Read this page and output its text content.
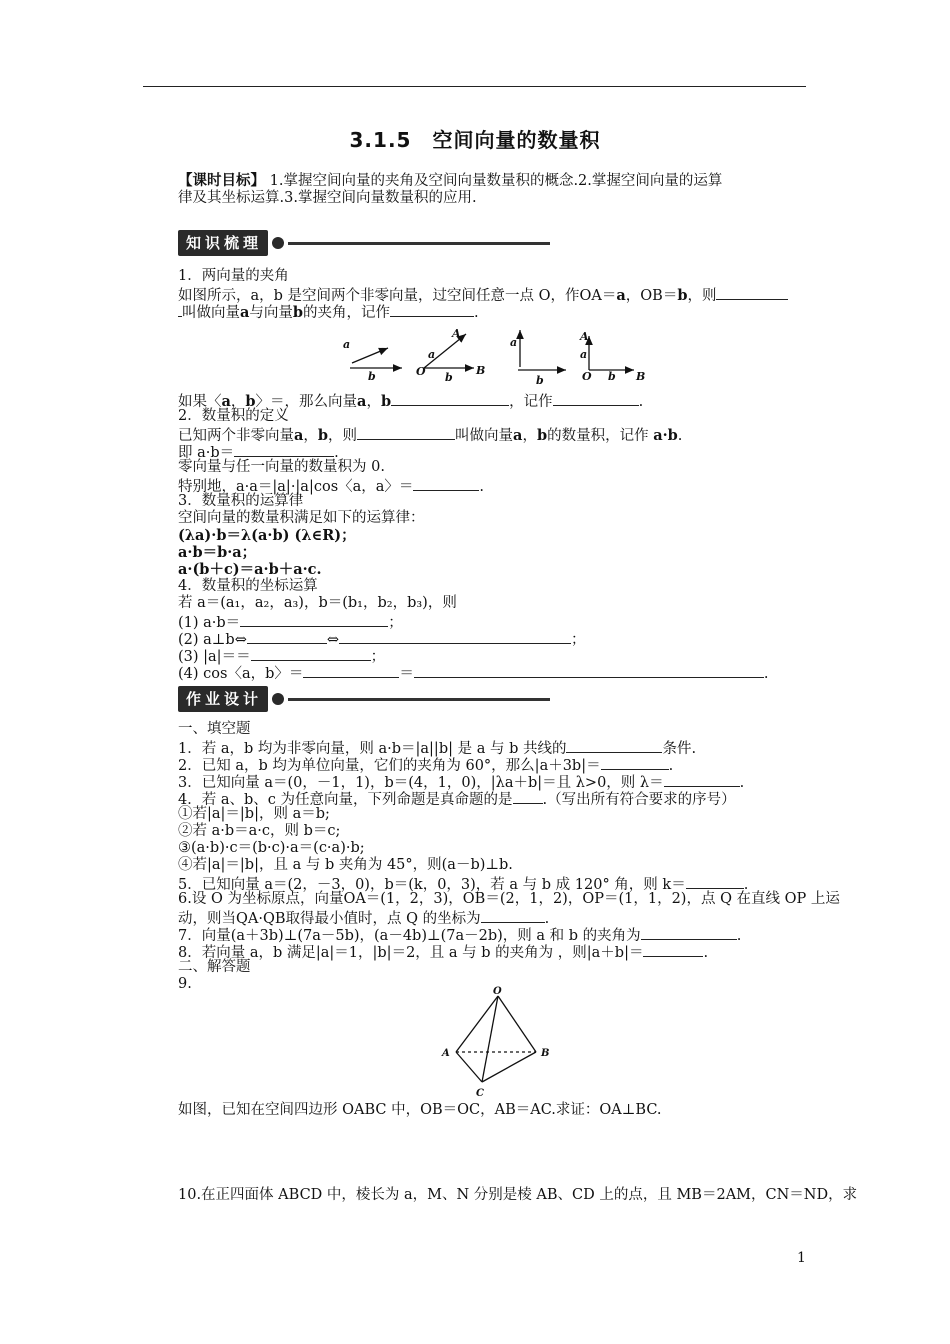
3.1.5　空间向量的数量积
【课时目标】 1.掌握空间向量的夹角及空间向量数量积的概念.2.掌握空间向量的运算
律及其坐标运算.3.掌握空间向量数量积的应用.
知识梳理
1．两向量的夹角
如图所示，a，b 是空间两个非零向量，过空间任意一点 O，作OA＝a，OB＝b，则
叫做向量a与向量b的夹角，记作	.
a
b	O
a
A
b
B
a
b
A
a
O b B
如果〈a，b〉＝，那么向量a，b	，记作	.
2．数量积的定义
已知两个非零向量a，b，则	叫做向量a，b的数量积，记作 a·b.
即 a·b＝	.
零向量与任一向量的数量积为 0.
特别地，a·a＝|a|·|a|cos〈a，a〉＝	.
3．数量积的运算律
空间向量的数量积满足如下的运算律：
(λa)·b＝λ(a·b) (λ∈R)；
a·b＝b·a；
a·(b＋c)＝a·b＋a·c.
4．数量积的坐标运算
若 a＝(a₁，a₂，a₃)，b＝(b₁，b₂，b₃)，则
(1) a·b＝	；
(2) a⊥b⇔	⇔	；
(3) |a|＝＝	；
(4) cos〈a，b〉＝	＝	.
作业设计
一、填空题
1．若 a，b 均为非零向量，则 a·b＝|a||b| 是 a 与 b 共线的	条件.
2．已知 a，b 均为单位向量，它们的夹角为 60°，那么|a＋3b|＝	.
3．已知向量 a＝(0，－1，1)，b＝(4，1，0)，|λa＋b|＝且 λ>0，则 λ＝	.
4．若 a、b、c 为任意向量，下列命题是真命题的是 .（写出所有符合要求的序号）
①若|a|＝|b|，则 a＝b;
②若 a·b＝a·c，则 b＝c;
③(a·b)·c＝(b·c)·a＝(c·a)·b;
④若|a|＝|b|，且 a 与 b 夹角为 45°，则(a－b)⊥b.
5．已知向量 a＝(2，－3，0)，b＝(k，0，3)，若 a 与 b 成 120° 角，则 k＝	.
6.设 O 为坐标原点，向量OA＝(1，2，3)，OB＝(2，1，2)，OP＝(1，1，2)，点 Q 在直线 OP 上运
动，则当QA·QB取得最小值时，点 Q 的坐标为	.
7．向量(a＋3b)⊥(7a－5b)，(a－4b)⊥(7a－2b)，则 a 和 b 的夹角为	.
8．若向量 a，b 满足|a|＝1，|b|＝2，且 a 与 b 的夹角为 ，则|a＋b|＝	.
二、解答题
9.	O
A	B
C
如图，已知在空间四边形 OABC 中，OB＝OC，AB＝AC.求证：OA⊥BC.
10.在正四面体 ABCD 中，棱长为 a，M、N 分别是棱 AB、CD 上的点，且 MB＝2AM，CN＝ND，求
1
